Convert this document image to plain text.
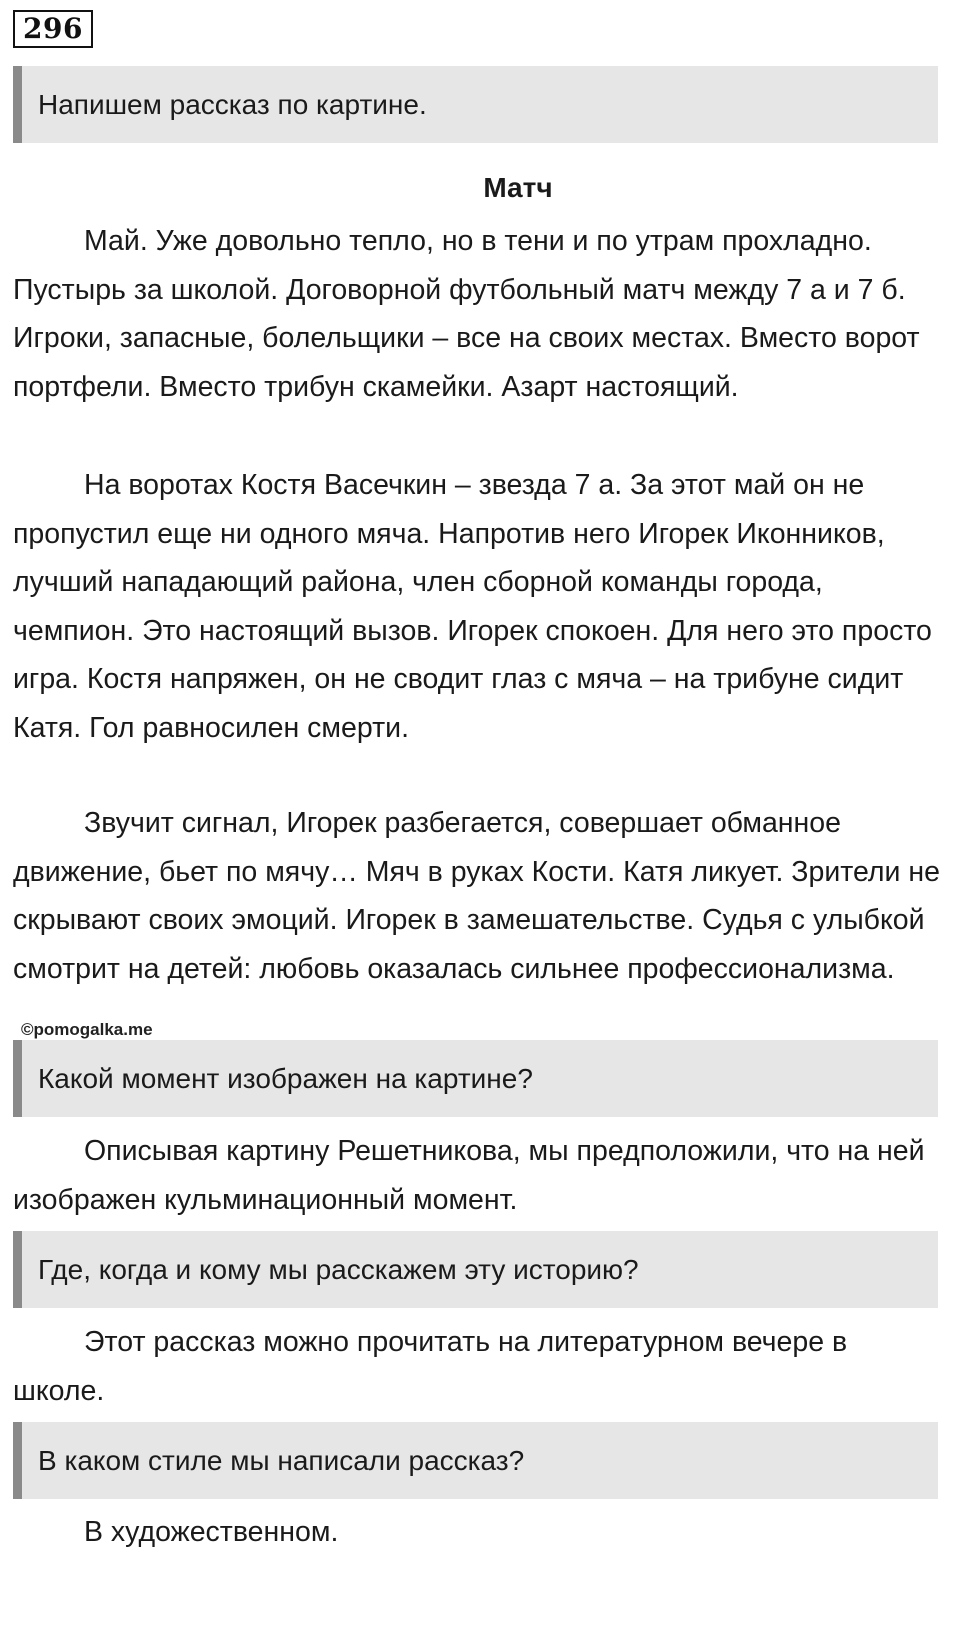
296
Напишем рассказ по картине.
Матч

Май. Уже довольно тепло, но в тени и по утрам прохладно. Пустырь за школой. Договорной футбольный матч между 7 а и 7 б. Игроки, запасные, болельщики – все на своих местах. Вместо ворот портфели. Вместо трибун скамейки. Азарт настоящий.

На воротах Костя Васечкин – звезда 7 а. За этот май он не пропустил еще ни одного мяча. Напротив него Игорек Иконников, лучший нападающий района, член сборной команды города, чемпион. Это настоящий вызов. Игорек спокоен. Для него это просто игра. Костя напряжен, он не сводит глаз с мяча – на трибуне сидит Катя. Гол равносилен смерти.

Звучит сигнал, Игорек разбегается, совершает обманное движение, бьет по мячу… Мяч в руках Кости. Катя ликует. Зрители не скрывают своих эмоций. Игорек в замешательстве. Судья с улыбкой смотрит на детей: любовь оказалась сильнее профессионализма.

©pomogalka.me
Какой момент изображен на картине?

Описывая картину Решетникова, мы предположили, что на ней изображен кульминационный момент.

Где, когда и кому мы расскажем эту историю?

Этот рассказ можно прочитать на литературном вечере в школе.

В каком стиле мы написали рассказ?

В художественном.
